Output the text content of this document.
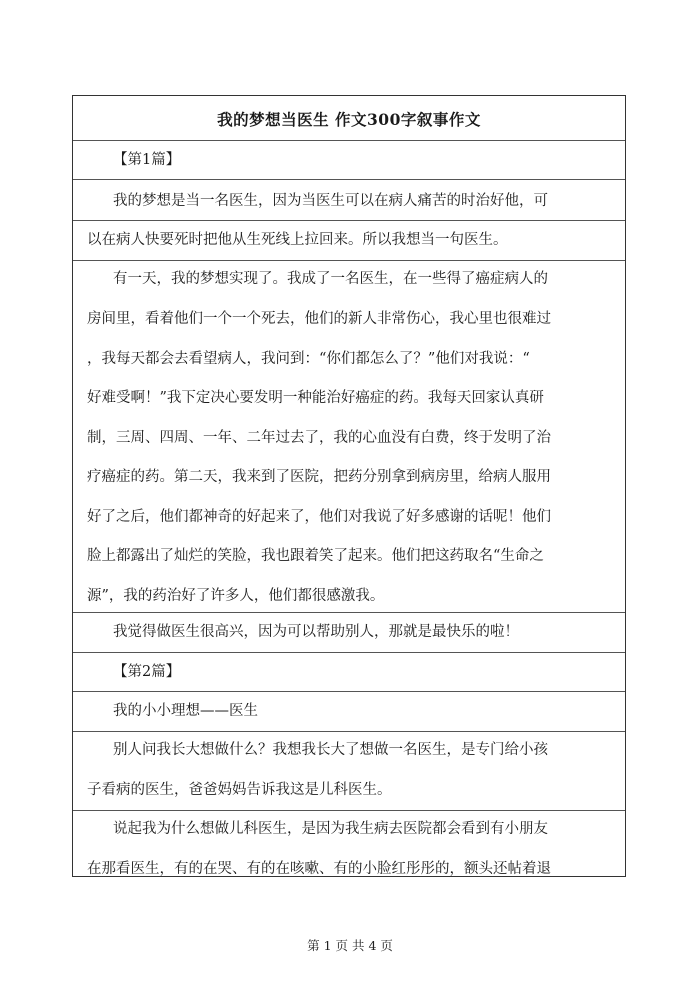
我的梦想当医生 作文300字叙事作文
【第1篇】
我的梦想是当一名医生，因为当医生可以在病人痛苦的时治好他，可
以在病人快要死时把他从生死线上拉回来。所以我想当一句医生。
有一天，我的梦想实现了。我成了一名医生，在一些得了癌症病人的
房间里，看着他们一个一个死去，他们的新人非常伤心，我心里也很难过
，我每天都会去看望病人，我问到：“你们都怎么了？”他们对我说：“
好难受啊！”我下定决心要发明一种能治好癌症的药。我每天回家认真研
制，三周、四周、一年、二年过去了，我的心血没有白费，终于发明了治
疗癌症的药。第二天，我来到了医院，把药分别拿到病房里，给病人服用
好了之后，他们都神奇的好起来了，他们对我说了好多感谢的话呢！他们
脸上都露出了灿烂的笑脸，我也跟着笑了起来。他们把这药取名“生命之
源”，我的药治好了许多人，他们都很感激我。
我觉得做医生很高兴，因为可以帮助别人，那就是最快乐的啦！
【第2篇】
我的小小理想——医生
别人问我长大想做什么？我想我长大了想做一名医生，是专门给小孩
子看病的医生，爸爸妈妈告诉我这是儿科医生。
说起我为什么想做儿科医生，是因为我生病去医院都会看到有小朋友
在那看医生，有的在哭、有的在咳嗽、有的小脸红彤彤的，额头还帖着退
第 1 页 共 4 页
